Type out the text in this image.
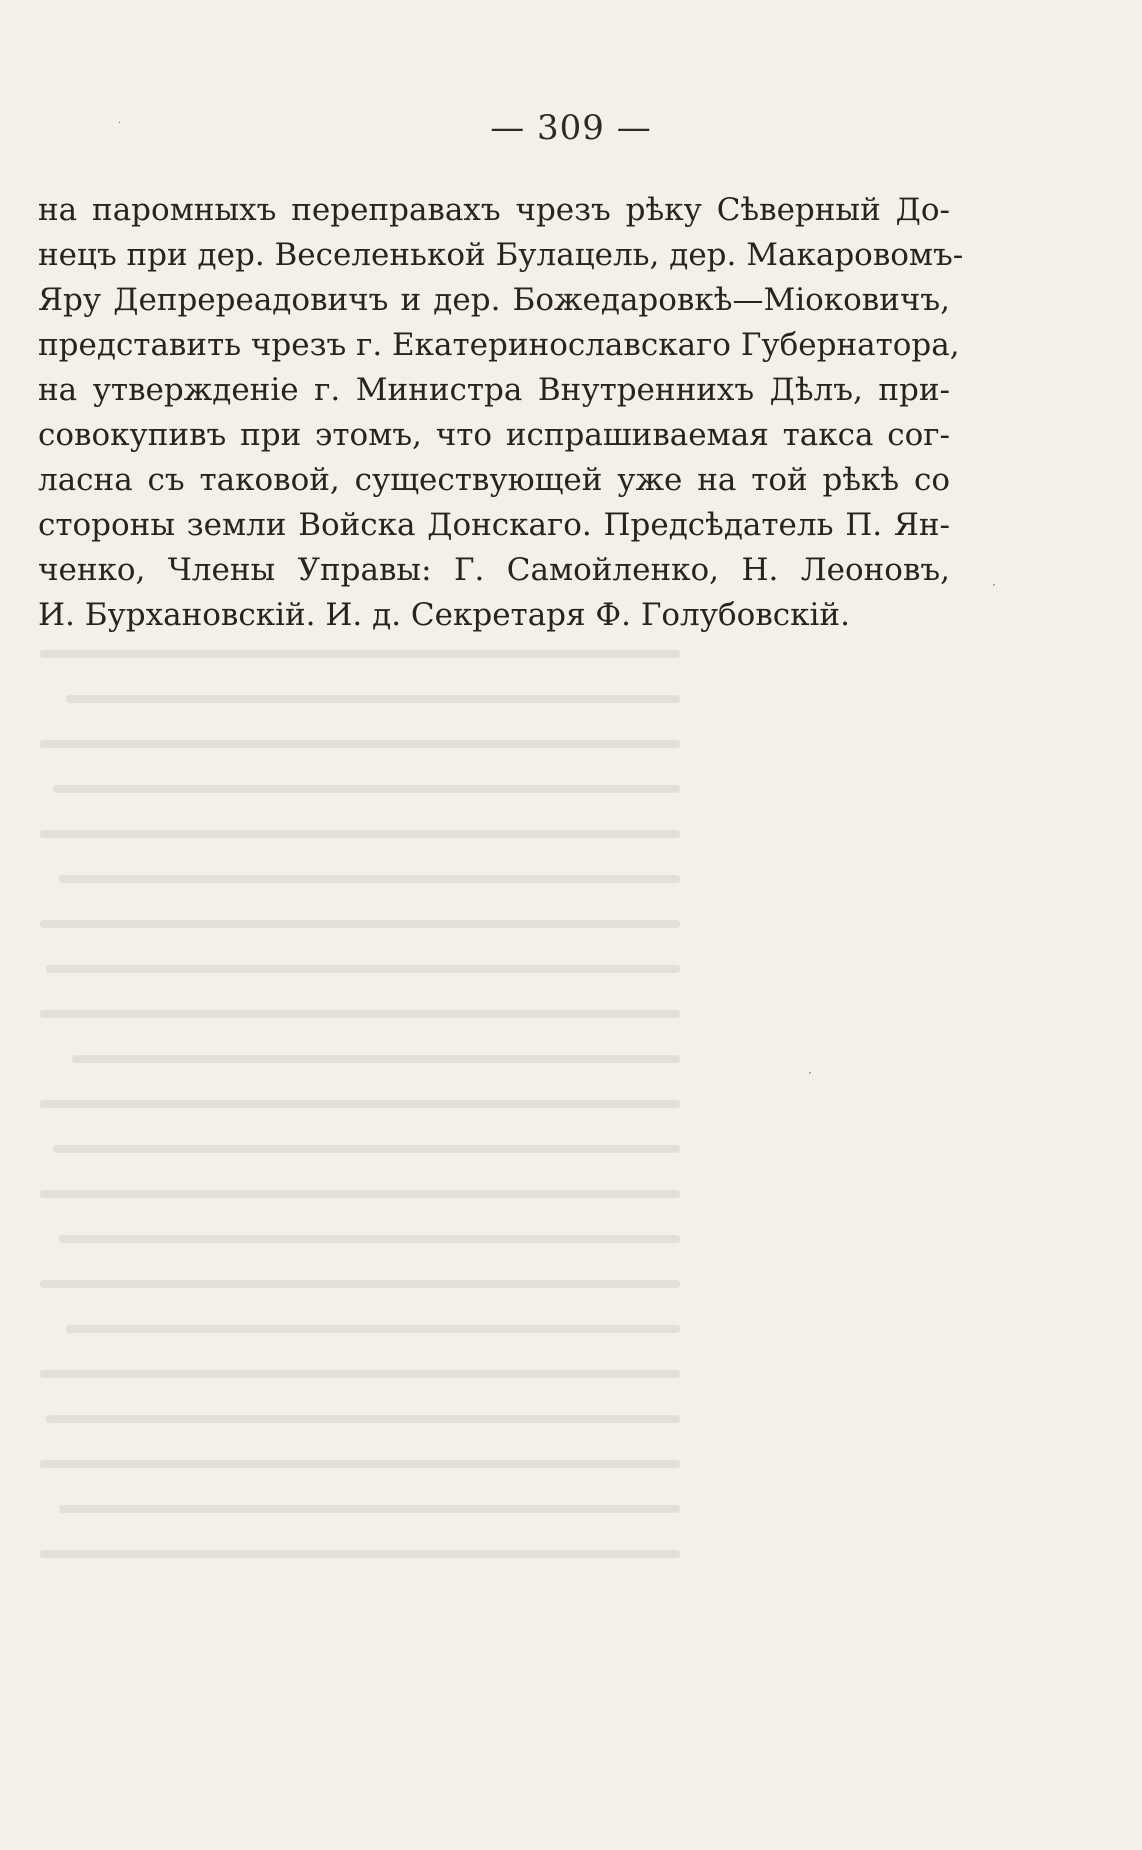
— 309 —
на паромныхъ переправахъ чрезъ рѣку Сѣверный До-
нецъ при дер. Веселенькой Булацель, дер. Макаровомъ-
Яру Депререадовичъ и дер. Божедаровкѣ—Міоковичъ,
представить чрезъ г. Екатеринославскаго Губернатора,
на утвержденіе г. Министра Внутреннихъ Дѣлъ, при-
совокупивъ при этомъ, что испрашиваемая такса сог-
ласна съ таковой, существующей уже на той рѣкѣ со
стороны земли Войска Донскаго. Предсѣдатель П. Ян-
ченко, Члены Управы: Г. Самойленко, Н. Леоновъ,
И. Бурхановскій. И. д. Секретаря Ф. Голубовскій.
·
·
·
